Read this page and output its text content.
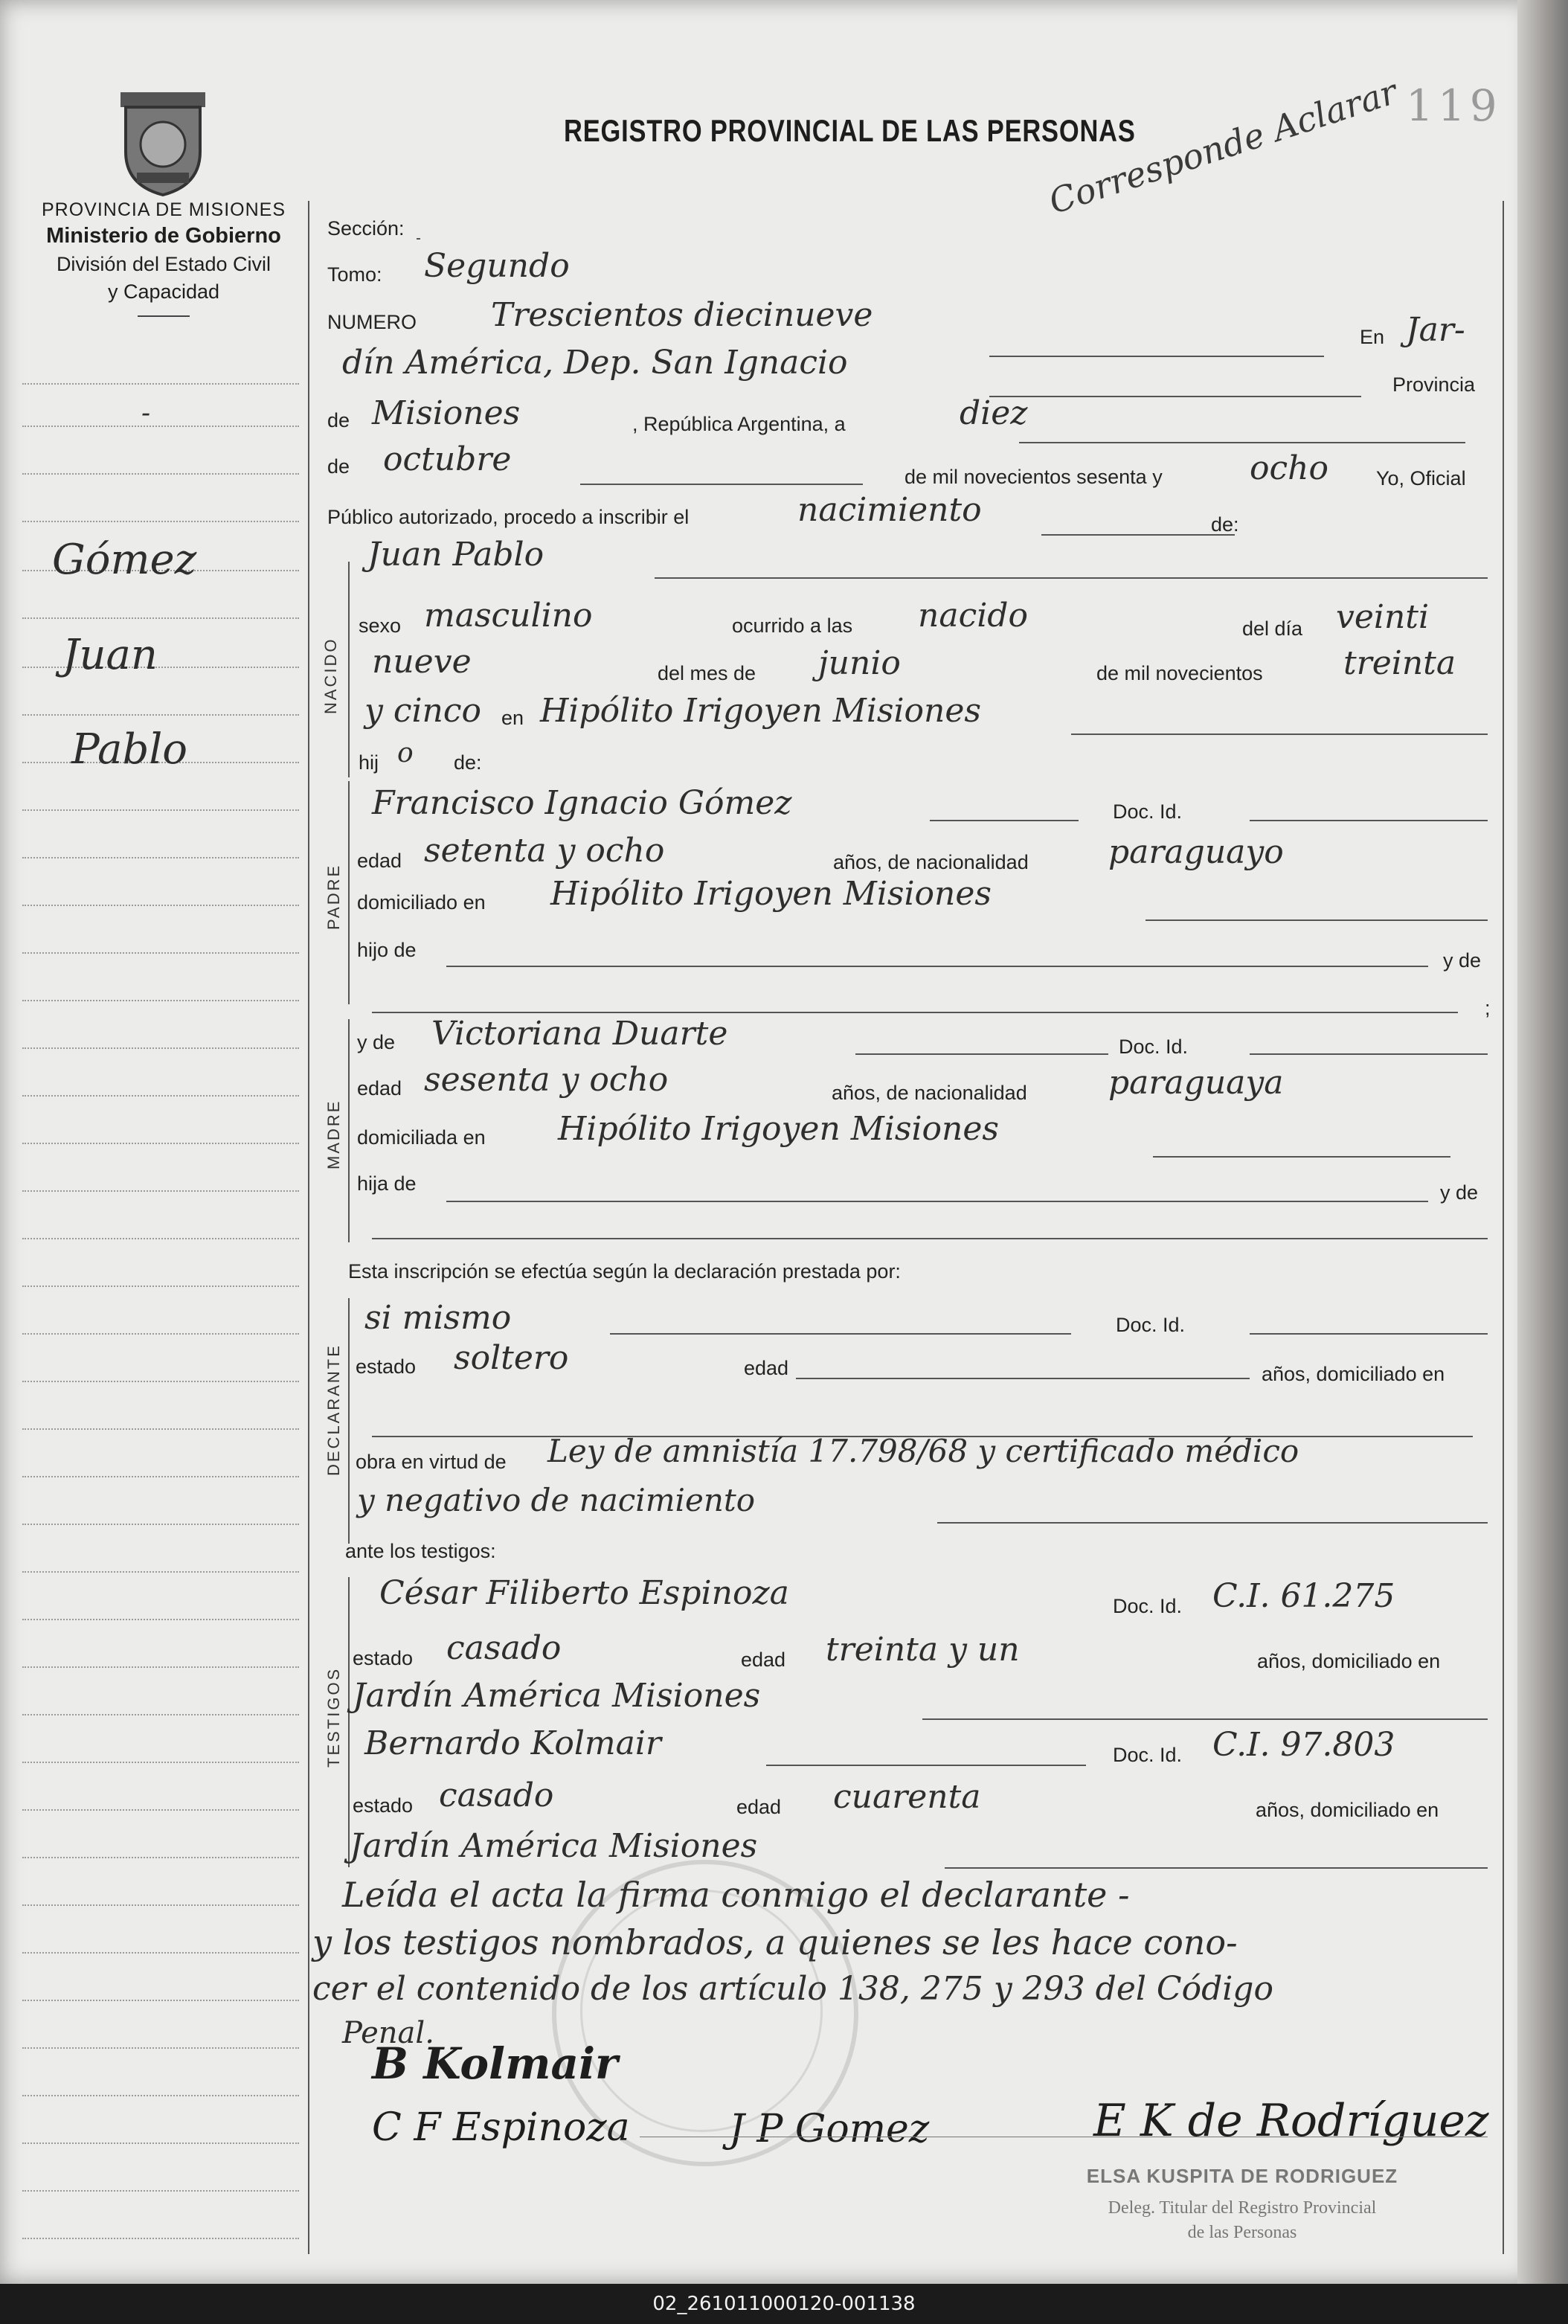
PROVINCIA DE MISIONES
Ministerio de Gobierno
División del Estado Civil
y Capacidad
-
Gómez
Juan
Pablo
REGISTRO PROVINCIAL DE LAS PERSONAS	119
Corresponde Aclarar
Sección:
Tomo: Segundo
NUMERO Trescientos diecinueve
En Jar-
dín América, Dep. San Ignacio
Provincia
de Misiones	, República Argentina, a	diez
de octubre	de mil novecientos sesenta y	ocho Yo, Oficial
Público autorizado, procedo a inscribir el	nacimiento	de:
NACIDO
Juan Pablo
sexo masculino	ocurrido a las nacido	del día veinti
nueve	del mes de junio	de mil novecientos treinta
y cinco en Hipólito Irigoyen Misiones
hij o de:
PADRE
Francisco Ignacio Gómez	Doc. Id.
edad setenta y ocho	años, de nacionalidad paraguayo
domiciliado en Hipólito Irigoyen Misiones
hijo de	y de
;
MADRE
y de Victoriana Duarte	Doc. Id.
edad sesenta y ocho	años, de nacionalidad paraguaya
domiciliada en Hipólito Irigoyen Misiones
hija de	y de
Esta inscripción se efectúa según la declaración prestada por:
DECLARANTE
si mismo	Doc. Id.
estado soltero	edad	años, domiciliado en
obra en virtud de Ley de amnistía 17.798/68 y certificado médico
y negativo de nacimiento
ante los testigos:
TESTIGOS
César Filiberto Espinoza	Doc. Id. C.I. 61.275
estado casado	edad treinta y un	años, domiciliado en
Jardín América Misiones
Bernardo Kolmair	Doc. Id. C.I. 97.803
estado casado	edad cuarenta	años, domiciliado en
Jardín América Misiones
Leída el acta la firma conmigo el declarante -
y los testigos nombrados, a quienes se les hace cono-
cer el contenido de los artículo 138, 275 y 293 del Código
Penal.
B Kolmair
C F Espinoza	J P Gomez	E K de Rodríguez
ELSA KUSPITA DE RODRIGUEZ
Deleg. Titular del Registro Provincial
de las Personas
02_261011000120-001138
